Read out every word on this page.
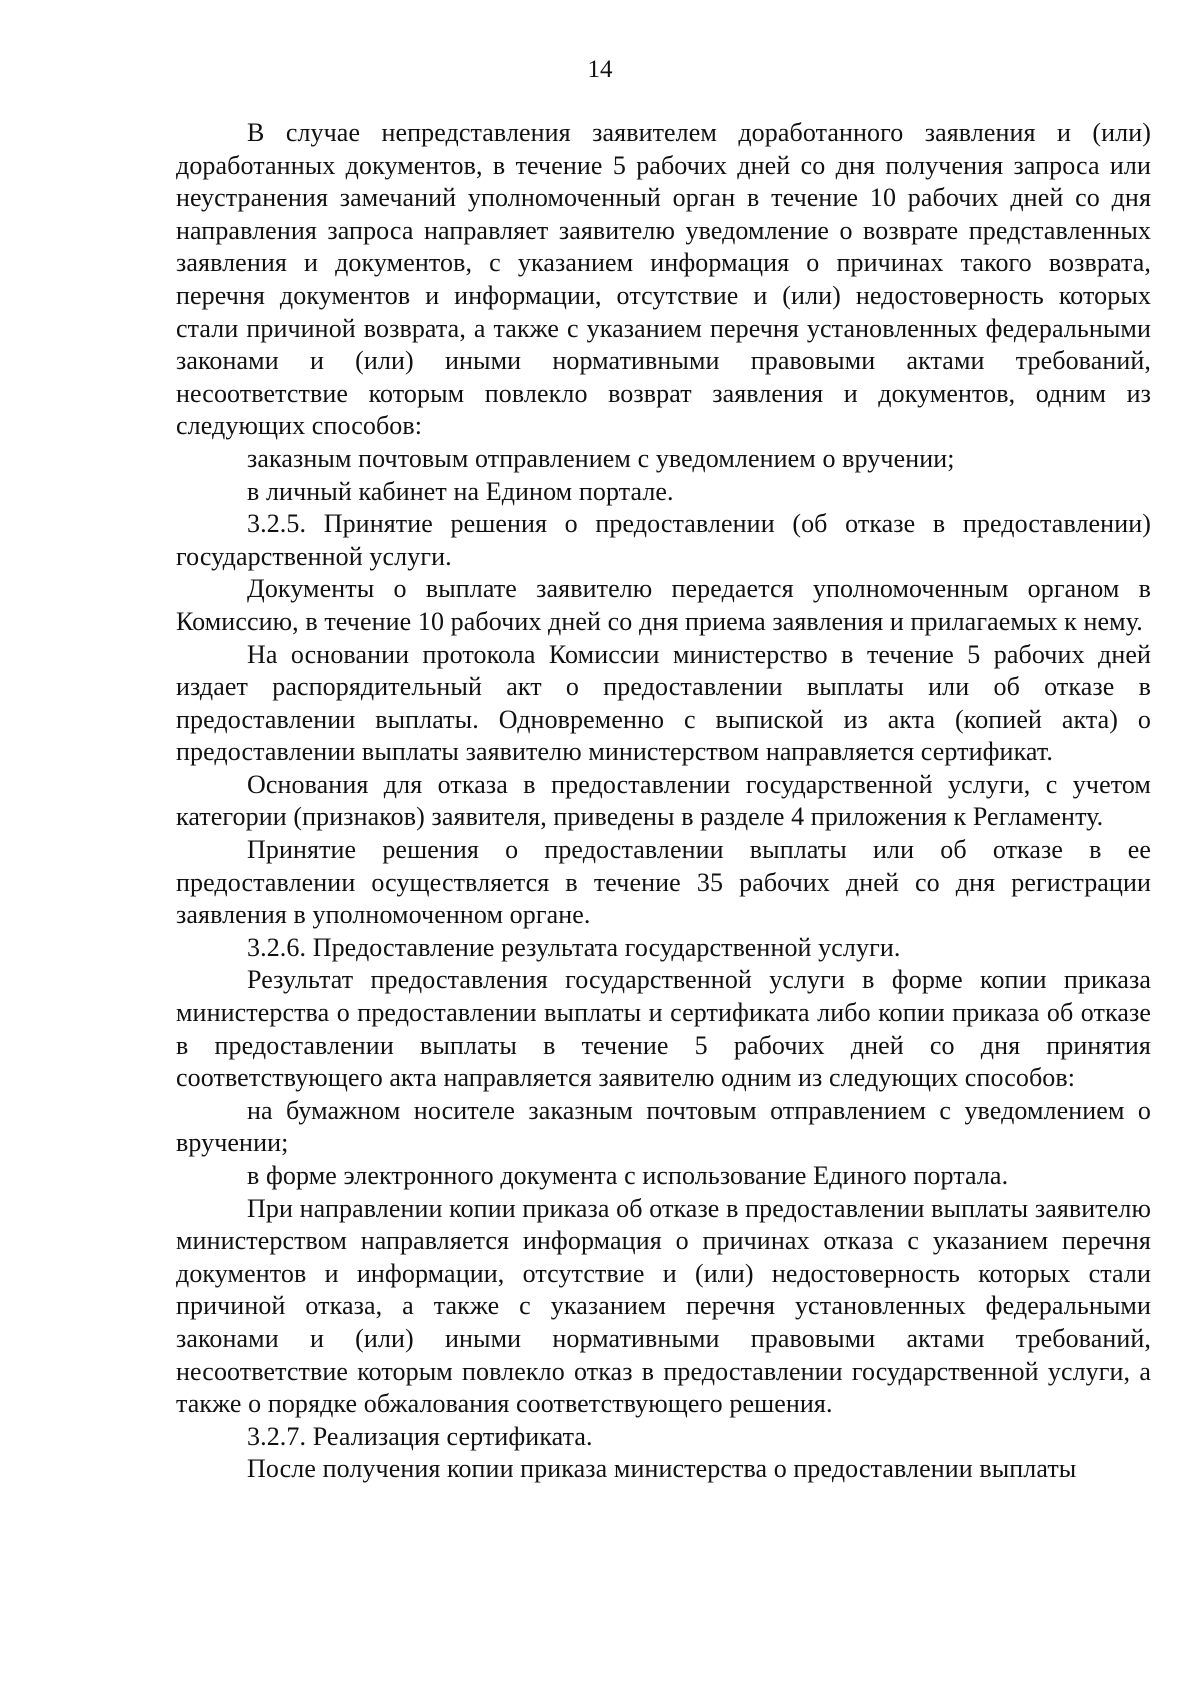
14

В случае непредставления заявителем доработанного заявления и (или) доработанных документов, в течение 5 рабочих дней со дня получения запроса или неустранения замечаний уполномоченный орган в течение 10 рабочих дней со дня направления запроса направляет заявителю уведомление о возврате представленных заявления и документов, с указанием информация о причинах такого возврата, перечня документов и информации, отсутствие и (или) недостоверность которых стали причиной возврата, а также с указанием перечня установленных федеральными законами и (или) иными нормативными правовыми актами требований, несоответствие которым повлекло возврат заявления и документов, одним из следующих способов:

заказным почтовым отправлением с уведомлением о вручении;

в личный кабинет на Едином портале.

3.2.5. Принятие решения о предоставлении (об отказе в предоставлении) государственной услуги.

Документы о выплате заявителю передается уполномоченным органом в Комиссию, в течение 10 рабочих дней со дня приема заявления и прилагаемых к нему.

На основании протокола Комиссии министерство в течение 5 рабочих дней издает распорядительный акт о предоставлении выплаты или об отказе в предоставлении выплаты. Одновременно с выпиской из акта (копией акта) о предоставлении выплаты заявителю министерством направляется сертификат.

Основания для отказа в предоставлении государственной услуги, с учетом категории (признаков) заявителя, приведены в разделе 4 приложения к Регламенту.

Принятие решения о предоставлении выплаты или об отказе в ее предоставлении осуществляется в течение 35 рабочих дней со дня регистрации заявления в уполномоченном органе.

3.2.6. Предоставление результата государственной услуги.

Результат предоставления государственной услуги в форме копии приказа министерства о предоставлении выплаты и сертификата либо копии приказа об отказе в предоставлении выплаты в течение 5 рабочих дней со дня принятия соответствующего акта направляется заявителю одним из следующих способов:

на бумажном носителе заказным почтовым отправлением с уведомлением о вручении;

в форме электронного документа с использование Единого портала.

При направлении копии приказа об отказе в предоставлении выплаты заявителю министерством направляется информация о причинах отказа с указанием перечня документов и информации, отсутствие и (или) недостоверность которых стали причиной отказа, а также с указанием перечня установленных федеральными законами и (или) иными нормативными правовыми актами требований, несоответствие которым повлекло отказ в предоставлении государственной услуги, а также о порядке обжалования соответствующего решения.

3.2.7. Реализация сертификата.

После получения копии приказа министерства о предоставлении выплаты
